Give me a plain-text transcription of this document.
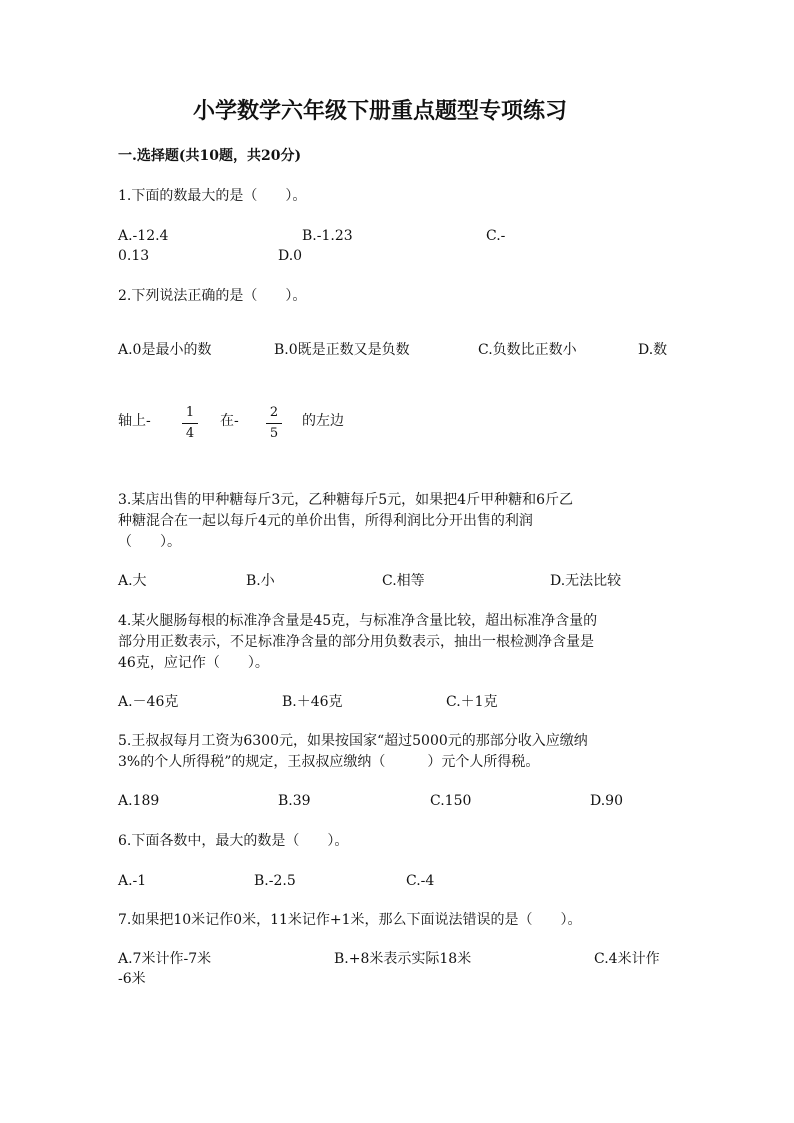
小学数学六年级下册重点题型专项练习
一.选择题(共10题，共20分)
1.下面的数最大的是（　　）。
A.-12.4	B.-1.23	C.-
0.13	D.0
2.下列说法正确的是（　　）。
A.0是最小的数	B.0既是正数又是负数	C.负数比正数小	D.数
轴上-
1
4
在-
2
5
的左边
3.某店出售的甲种糖每斤3元，乙种糖每斤5元，如果把4斤甲种糖和6斤乙
种糖混合在一起以每斤4元的单价出售，所得利润比分开出售的利润
（　　）。
A.大	B.小	C.相等	D.无法比较
4.某火腿肠每根的标准净含量是45克，与标准净含量比较，超出标准净含量的
部分用正数表示，不足标准净含量的部分用负数表示，抽出一根检测净含量是
46克，应记作（　　）。
A.－46克	B.＋46克	C.＋1克
5.王叔叔每月工资为6300元，如果按国家“超过5000元的那部分收入应缴纳
3%的个人所得税”的规定，王叔叔应缴纳（　　　）元个人所得税。
A.189	B.39	C.150	D.90
6.下面各数中，最大的数是（　　）。
A.-1	B.-2.5	C.-4
7.如果把10米记作0米，11米记作+1米，那么下面说法错误的是（　　）。
A.7米计作-7米	B.+8米表示实际18米	C.4米计作
-6米
